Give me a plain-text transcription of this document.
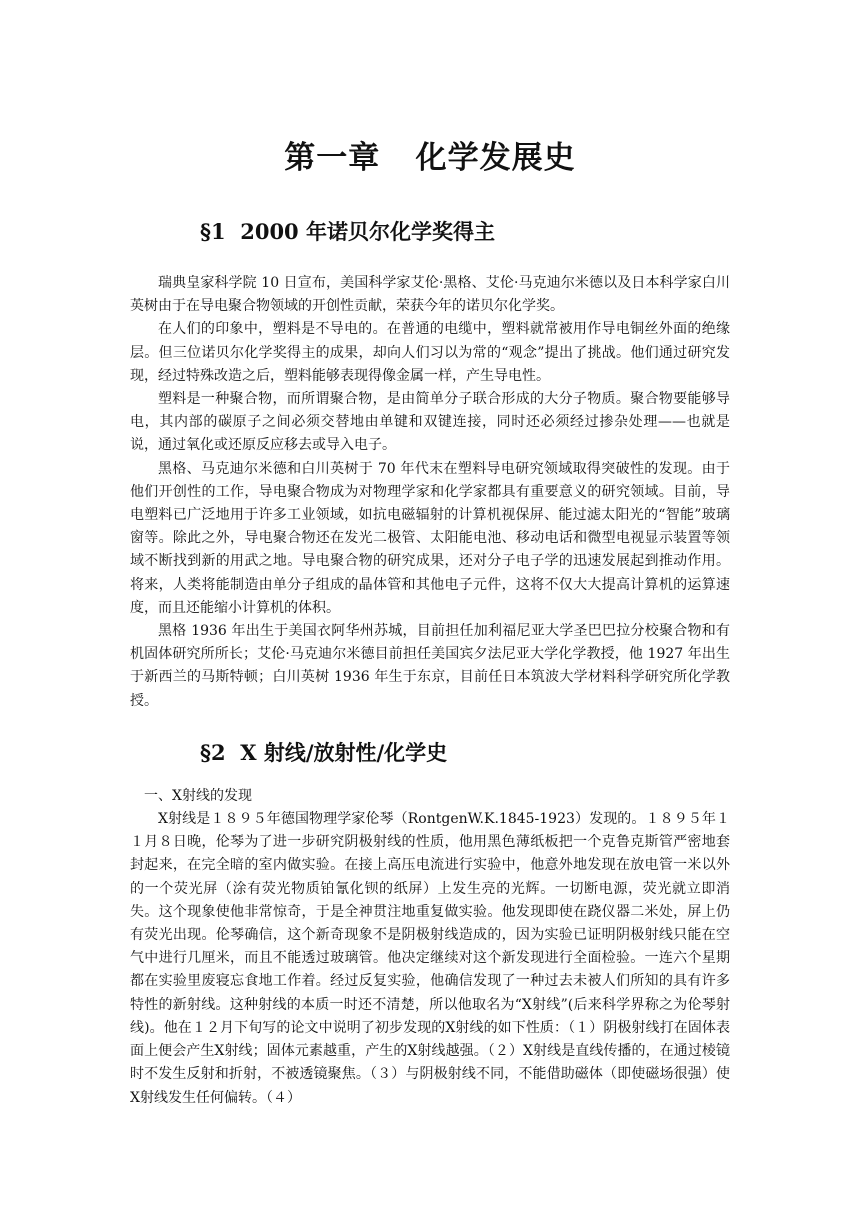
第一章   化学发展史
§1  2000 年诺贝尔化学奖得主

瑞典皇家科学院 10 日宣布，美国科学家艾伦·黑格、艾伦·马克迪尔米德以及日本科学家白川英树由于在导电聚合物领域的开创性贡献，荣获今年的诺贝尔化学奖。

在人们的印象中，塑料是不导电的。在普通的电缆中，塑料就常被用作导电铜丝外面的绝缘层。但三位诺贝尔化学奖得主的成果，却向人们习以为常的“观念”提出了挑战。他们通过研究发现，经过特殊改造之后，塑料能够表现得像金属一样，产生导电性。

塑料是一种聚合物，而所谓聚合物，是由简单分子联合形成的大分子物质。聚合物要能够导电，其内部的碳原子之间必须交替地由单键和双键连接，同时还必须经过掺杂处理——也就是说，通过氧化或还原反应移去或导入电子。

黑格、马克迪尔米德和白川英树于 70 年代末在塑料导电研究领域取得突破性的发现。由于他们开创性的工作，导电聚合物成为对物理学家和化学家都具有重要意义的研究领域。目前，导电塑料已广泛地用于许多工业领域，如抗电磁辐射的计算机视保屏、能过滤太阳光的“智能”玻璃窗等。除此之外，导电聚合物还在发光二极管、太阳能电池、移动电话和微型电视显示装置等领域不断找到新的用武之地。导电聚合物的研究成果，还对分子电子学的迅速发展起到推动作用。将来，人类将能制造由单分子组成的晶体管和其他电子元件，这将不仅大大提高计算机的运算速度，而且还能缩小计算机的体积。

黑格 1936 年出生于美国衣阿华州苏城，目前担任加利福尼亚大学圣巴巴拉分校聚合物和有机固体研究所所长；艾伦·马克迪尔米德目前担任美国宾夕法尼亚大学化学教授，他 1927 年出生于新西兰的马斯特顿；白川英树 1936 年生于东京，目前任日本筑波大学材料科学研究所化学教授。

§2  X 射线/放射性/化学史

一、X射线的发现

X射线是１８９５年德国物理学家伦琴（RontgenW.K.1845-1923）发现的。１８９５年１１月８日晚，伦琴为了进一步研究阴极射线的性质，他用黑色薄纸板把一个克鲁克斯管严密地套封起来，在完全暗的室内做实验。在接上高压电流进行实验中，他意外地发现在放电管一米以外的一个荧光屏（涂有荧光物质铂氰化钡的纸屏）上发生亮的光辉。一切断电源，荧光就立即消失。这个现象使他非常惊奇，于是全神贯注地重复做实验。他发现即使在跷仪器二米处，屏上仍有荧光出现。伦琴确信，这个新奇现象不是阴极射线造成的，因为实验已证明阴极射线只能在空气中进行几厘米，而且不能透过玻璃管。他决定继续对这个新发现进行全面检验。一连六个星期都在实验里废寝忘食地工作着。经过反复实验，他确信发现了一种过去未被人们所知的具有许多特性的新射线。这种射线的本质一时还不清楚，所以他取名为“X射线”(后来科学界称之为伦琴射线)。他在１２月下旬写的论文中说明了初步发现的X射线的如下性质：（１）阴极射线打在固体表面上便会产生X射线；固体元素越重，产生的X射线越强。（２）X射线是直线传播的，在通过棱镜时不发生反射和折射，不被透镜聚焦。（３）与阴极射线不同，不能借助磁体（即使磁场很强）使X射线发生任何偏转。（４）
